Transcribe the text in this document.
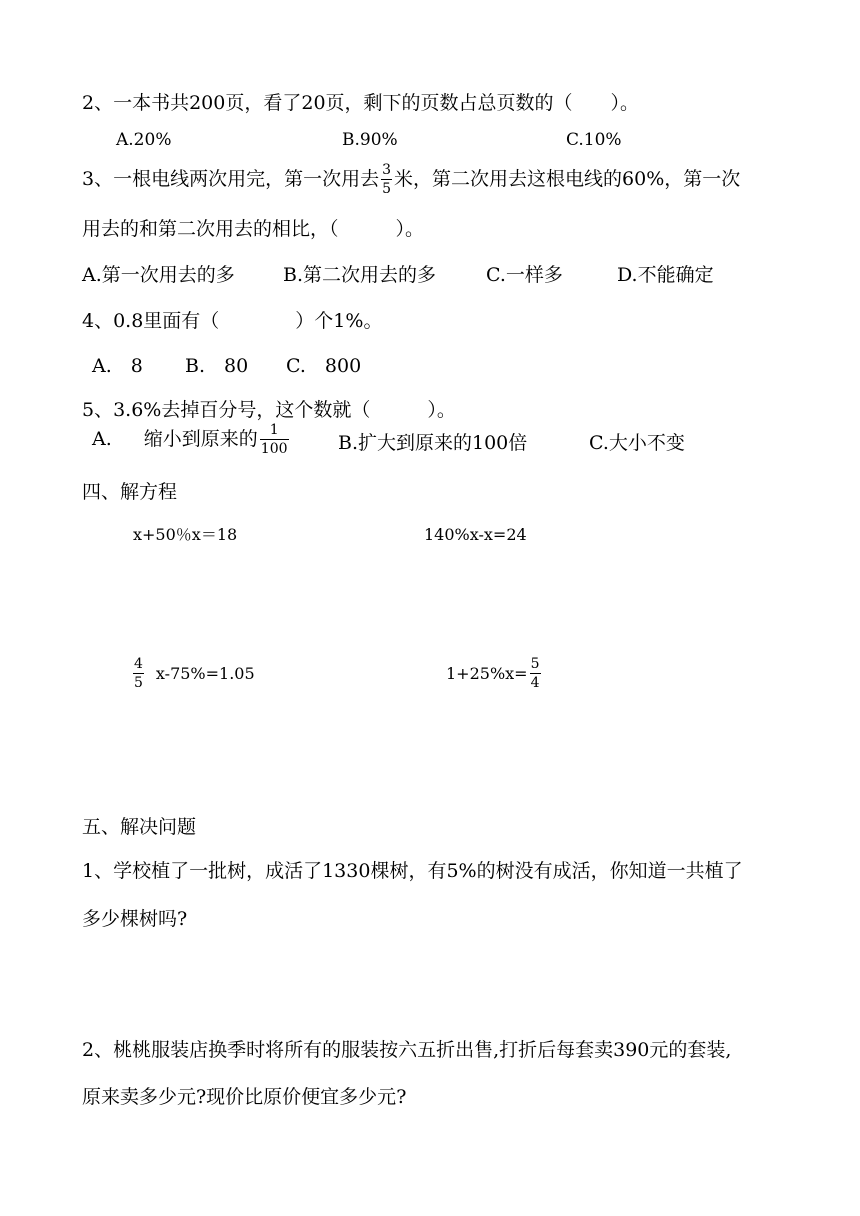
2、一本书共200页，看了20页，剩下的页数占总页数的（　　）。
A.20%	B.90%	C.10%
3、一根电线两次用完，第一次用去 $\frac{3}{5}$ 米，第二次用去这根电线的60%，第一次
用去的和第二次用去的相比，（　　　）。
A.第一次用去的多	B.第二次用去的多	C.一样多	D.不能确定
4、0.8里面有（　　　　）个1%。
A.　8 B.　80 C.　800
5、3.6%去掉百分号，这个数就（　　　）。
A. 缩小到原来的 $\frac{1}{100}$	B.扩大到原来的100倍	C.大小不变
四、解方程
x+50％x＝18	140%x-x=24
$\frac{4}{5} x-75\%=1.05$	$1+25\%x= \frac{5}{4}$
五、解决问题
1、学校植了一批树，成活了1330棵树，有5%的树没有成活，你知道一共植了
多少棵树吗?
2、桃桃服装店换季时将所有的服装按六五折出售,打折后每套卖390元的套装,
原来卖多少元?现价比原价便宜多少元?
